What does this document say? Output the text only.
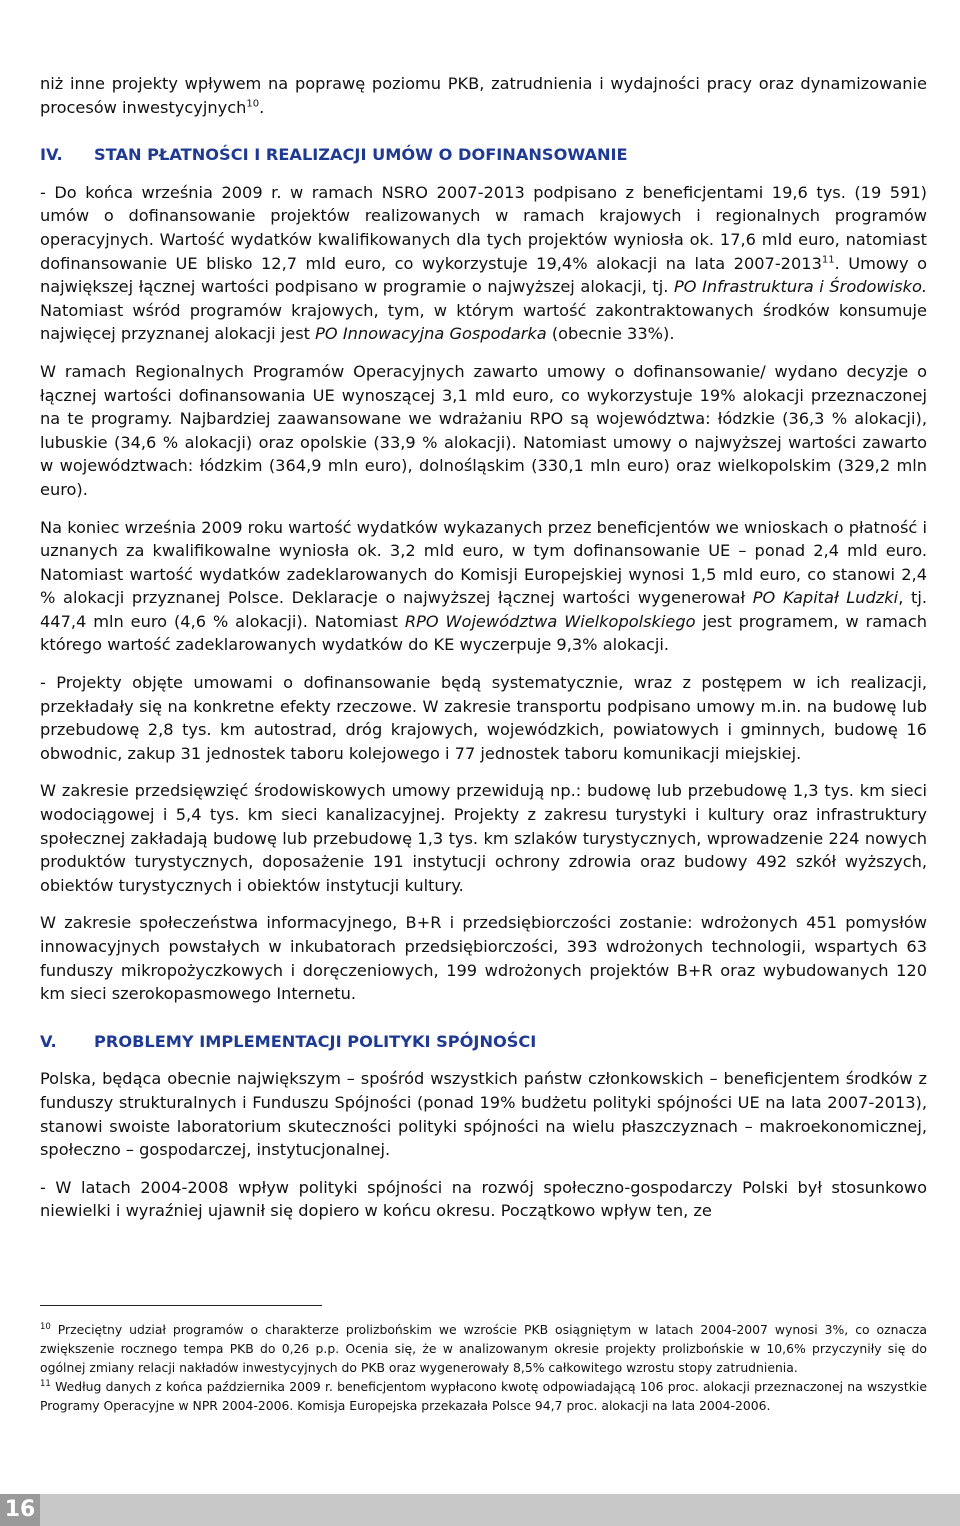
niż inne projekty wpływem na poprawę poziomu PKB, zatrudnienia i wydajności pracy oraz dynamizowanie procesów inwestycyjnych$^{10}$.

IV.	STAN PŁATNOŚCI I REALIZACJI UMÓW O DOFINANSOWANIE

- Do końca września 2009 r. w ramach NSRO 2007-2013 podpisano z beneficjentami 19,6 tys. (19 591) umów o dofinansowanie projektów realizowanych w ramach krajowych i regionalnych programów operacyjnych. Wartość wydatków kwalifikowanych dla tych projektów wyniosła ok. 17,6 mld euro, natomiast dofinansowanie UE blisko 12,7 mld euro, co wykorzystuje 19,4% alokacji na lata 2007-2013$^{11}$. Umowy o największej łącznej wartości podpisano w programie o najwyższej alokacji, tj. PO Infrastruktura i Środowisko. Natomiast wśród programów krajowych, tym, w którym wartość zakontraktowanych środków konsumuje najwięcej przyznanej alokacji jest PO Innowacyjna Gospodarka (obecnie 33%).

W ramach Regionalnych Programów Operacyjnych zawarto umowy o dofinansowanie/ wydano decyzje o łącznej wartości dofinansowania UE wynoszącej 3,1 mld euro, co wykorzystuje 19% alokacji przeznaczonej na te programy. Najbardziej zaawansowane we wdrażaniu RPO są województwa: łódzkie (36,3 % alokacji), lubuskie (34,6 % alokacji) oraz opolskie (33,9 % alokacji). Natomiast umowy o najwyższej wartości zawarto w województwach: łódzkim (364,9 mln euro), dolnośląskim (330,1 mln euro) oraz wielkopolskim (329,2 mln euro).

Na koniec września 2009 roku wartość wydatków wykazanych przez beneficjentów we wnioskach o płatność i uznanych za kwalifikowalne wyniosła ok. 3,2 mld euro, w tym dofinansowanie UE – ponad 2,4 mld euro. Natomiast wartość wydatków zadeklarowanych do Komisji Europejskiej wynosi 1,5 mld euro, co stanowi 2,4 % alokacji przyznanej Polsce. Deklaracje o najwyższej łącznej wartości wygenerował PO Kapitał Ludzki, tj. 447,4 mln euro (4,6 % alokacji). Natomiast RPO Województwa Wielkopolskiego jest programem, w ramach którego wartość zadeklarowanych wydatków do KE wyczerpuje 9,3% alokacji.

- Projekty objęte umowami o dofinansowanie będą systematycznie, wraz z postępem w ich realizacji, przekładały się na konkretne efekty rzeczowe. W zakresie transportu podpisano umowy m.in. na budowę lub przebudowę 2,8 tys. km autostrad, dróg krajowych, wojewódzkich, powiatowych i gminnych, budowę 16 obwodnic, zakup 31 jednostek taboru kolejowego i 77 jednostek taboru komunikacji miejskiej.

W zakresie przedsięwzięć środowiskowych umowy przewidują np.: budowę lub przebudowę 1,3 tys. km sieci wodociągowej i 5,4 tys. km sieci kanalizacyjnej. Projekty z zakresu turystyki i kultury oraz infrastruktury społecznej zakładają budowę lub przebudowę 1,3 tys. km szlaków turystycznych, wprowadzenie 224 nowych produktów turystycznych, doposażenie 191 instytucji ochrony zdrowia oraz budowy 492 szkół wyższych, obiektów turystycznych i obiektów instytucji kultury.

W zakresie społeczeństwa informacyjnego, B+R i przedsiębiorczości zostanie: wdrożonych 451 pomysłów innowacyjnych powstałych w inkubatorach przedsiębiorczości, 393 wdrożonych technologii, wspartych 63 funduszy mikropożyczkowych i doręczeniowych, 199 wdrożonych projektów B+R oraz wybudowanych 120 km sieci szerokopasmowego Internetu.

V.	PROBLEMY IMPLEMENTACJI POLITYKI SPÓJNOŚCI

Polska, będąca obecnie największym – spośród wszystkich państw członkowskich – beneficjentem środków z funduszy strukturalnych i Funduszu Spójności (ponad 19% budżetu polityki spójności UE na lata 2007-2013), stanowi swoiste laboratorium skuteczności polityki spójności na wielu płaszczyznach – makroekonomicznej, społeczno – gospodarczej, instytucjonalnej.

- W latach 2004-2008 wpływ polityki spójności na rozwój społeczno-gospodarczy Polski był stosunkowo niewielki i wyraźniej ujawnił się dopiero w końcu okresu. Początkowo wpływ ten, ze

$^{10}$ Przeciętny udział programów o charakterze prolizbońskim we wzroście PKB osiągniętym w latach 2004-2007 wynosi 3%, co oznacza zwiększenie rocznego tempa PKB do 0,26 p.p. Ocenia się, że w analizowanym okresie projekty prolizbońskie w 10,6% przyczyniły się do ogólnej zmiany relacji nakładów inwestycyjnych do PKB oraz wygenerowały 8,5% całkowitego wzrostu stopy zatrudnienia.

$^{11}$ Według danych z końca października 2009 r. beneficjentom wypłacono kwotę odpowiadającą 106 proc. alokacji przeznaczonej na wszystkie Programy Operacyjne w NPR 2004-2006. Komisja Europejska przekazała Polsce 94,7 proc. alokacji na lata 2004-2006.

16
